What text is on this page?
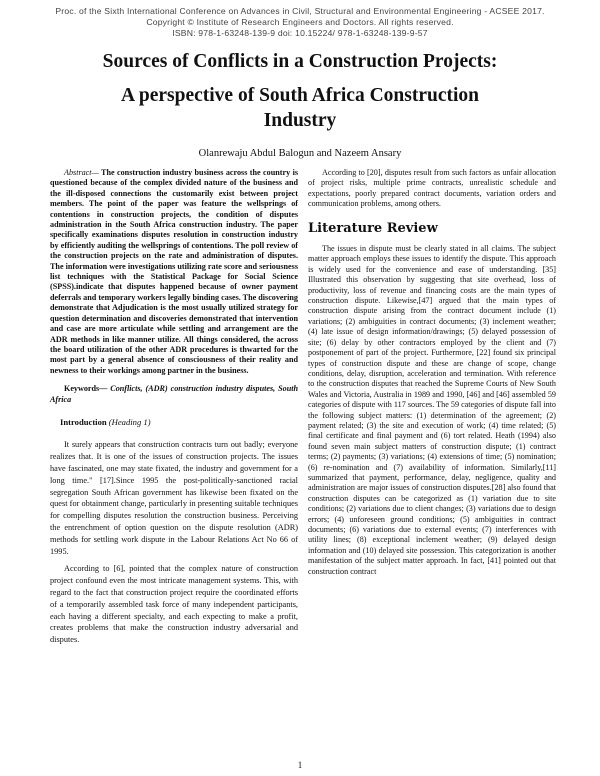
Proc. of the Sixth International Conference on Advances in Civil, Structural and Environmental Engineering - ACSEE 2017.
Copyright © Institute of Research Engineers and Doctors. All rights reserved.
ISBN: 978-1-63248-139-9 doi: 10.15224/ 978-1-63248-139-9-57
Sources of Conflicts in a Construction Projects:
A perspective of South Africa Construction
Industry
Olanrewaju Abdul Balogun and Nazeem Ansary

Abstract— The construction industry business across the country is questioned because of the complex divided nature of the business and the ill-disposed connections the customarily exist between project members. The point of the paper was feature the wellsprings of contentions in construction projects, the condition of disputes administration in the South Africa construction industry. The paper specifically examinations disputes resolution in construction industry by efficiently auditing the wellsprings of contentions. The poll review of the construction projects on the rate and administration of disputes. The information were investigations utilizing rate score and seriousness list techniques with the Statistical Package for Social Science (SPSS).indicate that disputes happened because of owner payment deferrals and temporary workers legally binding cases. The discovering demonstrate that Adjudication is the most usually utilized strategy for question determination and discoveries demonstrated that intervention and case are more articulate while settling and arrangement are the ADR methods in like manner utilize. All things considered, the across the board utilization of the other ADR procedures is thwarted for the most part by a general absence of consciousness of their reality and newness to their workings among partner in the business.

Keywords— Conflicts, (ADR) construction industry disputes, South Africa

Introduction (Heading 1)

It surely appears that construction contracts turn out badly; everyone realizes that. It is one of the issues of construction projects. The issues have fascinated, one may state fixated, the industry and government for a long time." [17].Since 1995 the post-politically-sanctioned racial segregation South African government has likewise been fixated on the quest for obtainment change, particularly in presenting suitable techniques for compelling disputes resolution the construction business. Perceiving the entrenchment of option question on the dispute resolution (ADR) methods for settling work dispute in the Labour Relations Act No 66 of 1995.

According to [6], pointed that the complex nature of construction project confound even the most intricate management systems. This, with regard to the fact that construction project require the coordinated efforts of a temporarily assembled task force of many independent participants, each having a different specialty, and each expecting to make a profit, creates problems that make the construction industry adversarial and disputes.

According to [20], disputes result from such factors as unfair allocation of project risks, multiple prime contracts, unrealistic schedule and expectations, poorly prepared contract documents, variation orders and communication problems, among others.

Literature Review

The issues in dispute must be clearly stated in all claims. The subject matter approach employs these issues to identify the dispute. This approach is widely used for the convenience and ease of understanding. [35] Illustrated this observation by suggesting that site overhead, loss of productivity, loss of revenue and financing costs are the main types of construction dispute. Likewise,[47] argued that the main types of construction dispute arising from the contract document include (1) variations; (2) ambiguities in contract documents; (3) inclement weather; (4) late issue of design information/drawings; (5) delayed possession of site; (6) delay by other contractors employed by the client and (7) postponement of part of the project. Furthermore, [22] found six principal types of construction dispute and these are change of scope, change conditions, delay, disruption, acceleration and termination. With reference to the construction disputes that reached the Supreme Courts of New South Wales and Victoria, Australia in 1989 and 1990, [46] and [46] assembled 59 categories of dispute with 117 sources. The 59 categories of dispute fall into the following subject matters: (1) determination of the agreement; (2) payment related; (3) the site and execution of work; (4) time related; (5) final certificate and final payment and (6) tort related. Heath (1994) also found seven main subject matters of construction dispute; (1) contract terms; (2) payments; (3) variations; (4) extensions of time; (5) nomination; (6) re-nomination and (7) availability of information. Similarly,[11] summarized that payment, performance, delay, negligence, quality and administration are major issues of construction disputes.[28] also found that construction disputes can be categorized as (1) variation due to site conditions; (2) variations due to client changes; (3) variations due to design errors; (4) unforeseen ground conditions; (5) ambiguities in contract documents; (6) variations due to external events; (7) interferences with utility lines; (8) exceptional inclement weather; (9) delayed design information and (10) delayed site possession. This categorization is another manifestation of the subject matter approach. In fact, [41] pointed out that construction contract

1
